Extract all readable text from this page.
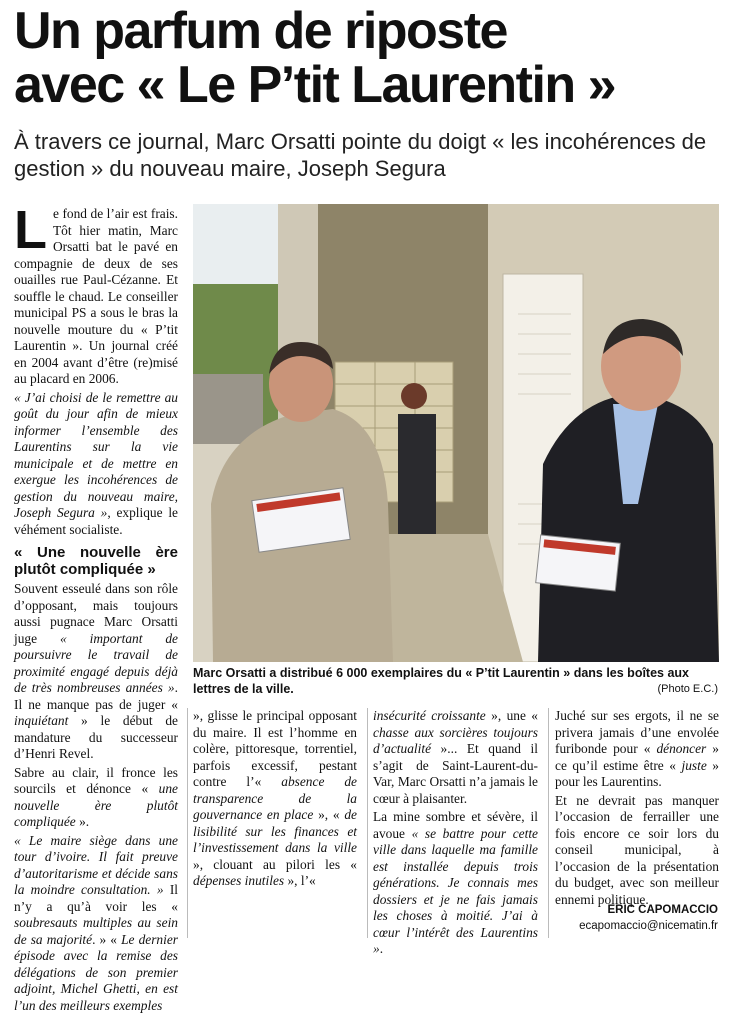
Un parfum de riposte
avec « Le P’tit Laurentin »
À travers ce journal, Marc Orsatti pointe du doigt « les incohérences de gestion » du nouveau maire, Joseph Segura

Le fond de l’air est frais. Tôt hier matin, Marc Orsatti bat le pavé en compagnie de deux de ses ouailles rue Paul-Cézanne. Et souffle le chaud. Le conseiller municipal PS a sous le bras la nouvelle mouture du « P’tit Laurentin ». Un journal créé en 2004 avant d’être (re)misé au placard en 2006.

« J’ai choisi de le remettre au goût du jour afin de mieux informer l’ensemble des Laurentins sur la vie municipale et de mettre en exergue les incohérences de gestion du nouveau maire, Joseph Segura », explique le véhément socialiste.

« Une nouvelle ère plutôt compliquée »

Souvent esseulé dans son rôle d’opposant, mais toujours aussi pugnace Marc Orsatti juge « important de poursuivre le travail de proximité engagé depuis déjà de très nombreuses années ». Il ne manque pas de juger « inquiétant » le début de mandature du successeur d’Henri Revel.

Sabre au clair, il fronce les sourcils et dénonce « une nouvelle ère plutôt compliquée ».

« Le maire siège dans une tour d’ivoire. Il fait preuve d’autoritarisme et décide sans la moindre consultation. » Il n’y a qu’à voir les « soubresauts multiples au sein de sa majorité. » « Le dernier épisode avec la remise des délégations de son premier adjoint, Michel Ghetti, en est l’un des meilleurs exemples

Marc Orsatti a distribué 6 000 exemplaires du « P’tit Laurentin » dans les boîtes aux lettres de la ville.	(Photo E.C.)

», glisse le principal opposant du maire. Il est l’homme en colère, pittoresque, torrentiel, parfois excessif, pestant contre l’« absence de transparence de la gouvernance en place », « de lisibilité sur les finances et l’investissement dans la ville », clouant au pilori les « dépenses inutiles », l’«

insécurité croissante », une « chasse aux sorcières toujours d’actualité »... Et quand il s’agit de Saint-Laurent-du-Var, Marc Orsatti n’a jamais le cœur à plaisanter.

La mine sombre et sévère, il avoue « se battre pour cette ville dans laquelle ma famille est installée depuis trois générations. Je connais mes dossiers et je ne fais jamais les choses à moitié. J’ai à cœur l’intérêt des Laurentins ».

Juché sur ses ergots, il ne se privera jamais d’une envolée furibonde pour « dénoncer » ce qu’il estime être « juste » pour les Laurentins.

Et ne devrait pas manquer l’occasion de ferrailler une fois encore ce soir lors du conseil municipal, à l’occasion de la présentation du budget, avec son meilleur ennemi politique.

ERIC CAPOMACCIO
ecapomaccio@nicematin.fr
